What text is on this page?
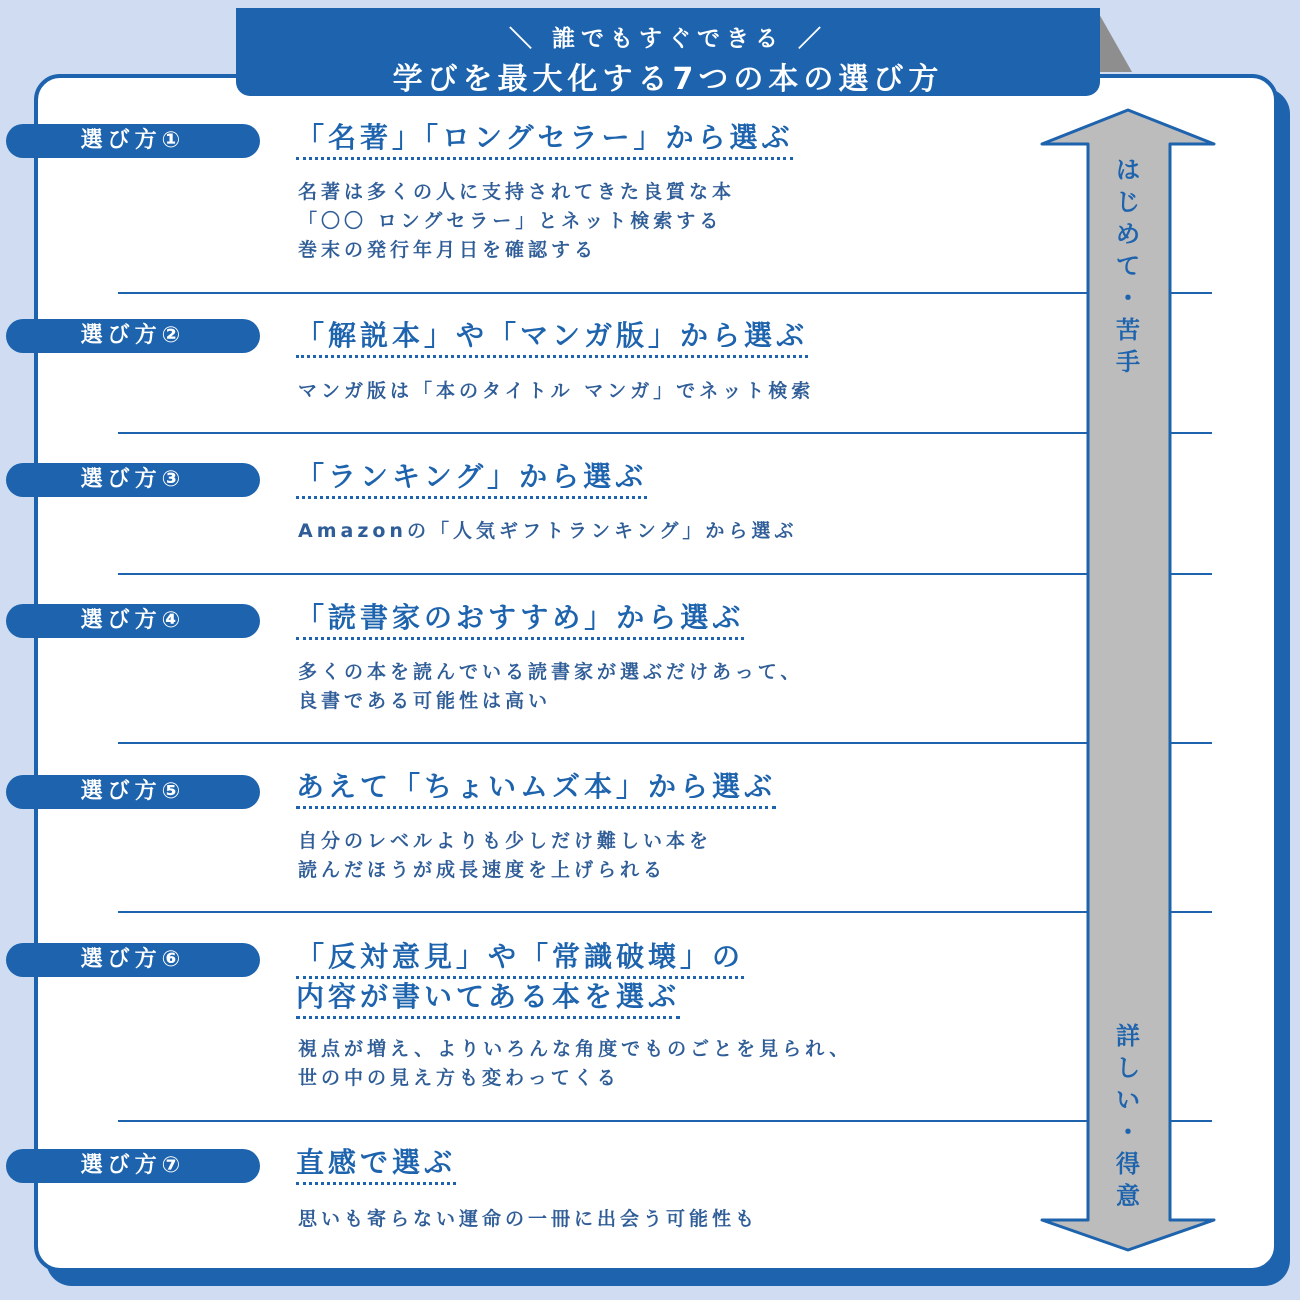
＼ 誰でもすぐできる ／
学びを最大化する7つの本の選び方
選び方①	「名著」「ロングセラー」から選ぶ
名著は多くの人に支持されてきた良質な本
「〇〇 ロングセラー」とネット検索する
巻末の発行年月日を確認する
選び方②	「解説本」や「マンガ版」から選ぶ
マンガ版は「本のタイトル マンガ」でネット検索
選び方③	「ランキング」から選ぶ
Amazonの「人気ギフトランキング」から選ぶ
選び方④	「読書家のおすすめ」から選ぶ
多くの本を読んでいる読書家が選ぶだけあって、
良書である可能性は高い
選び方⑤	あえて「ちょいムズ本」から選ぶ
自分のレベルよりも少しだけ難しい本を
読んだほうが成長速度を上げられる
選び方⑥	「反対意見」や「常識破壊」の
内容が書いてある本を選ぶ
視点が増え、よりいろんな角度でものごとを見られ、
世の中の見え方も変わってくる
選び方⑦	直感で選ぶ
思いも寄らない運命の一冊に出会う可能性も
は
じ
め
て
・
苦
手
詳
し
い
・
得
意
